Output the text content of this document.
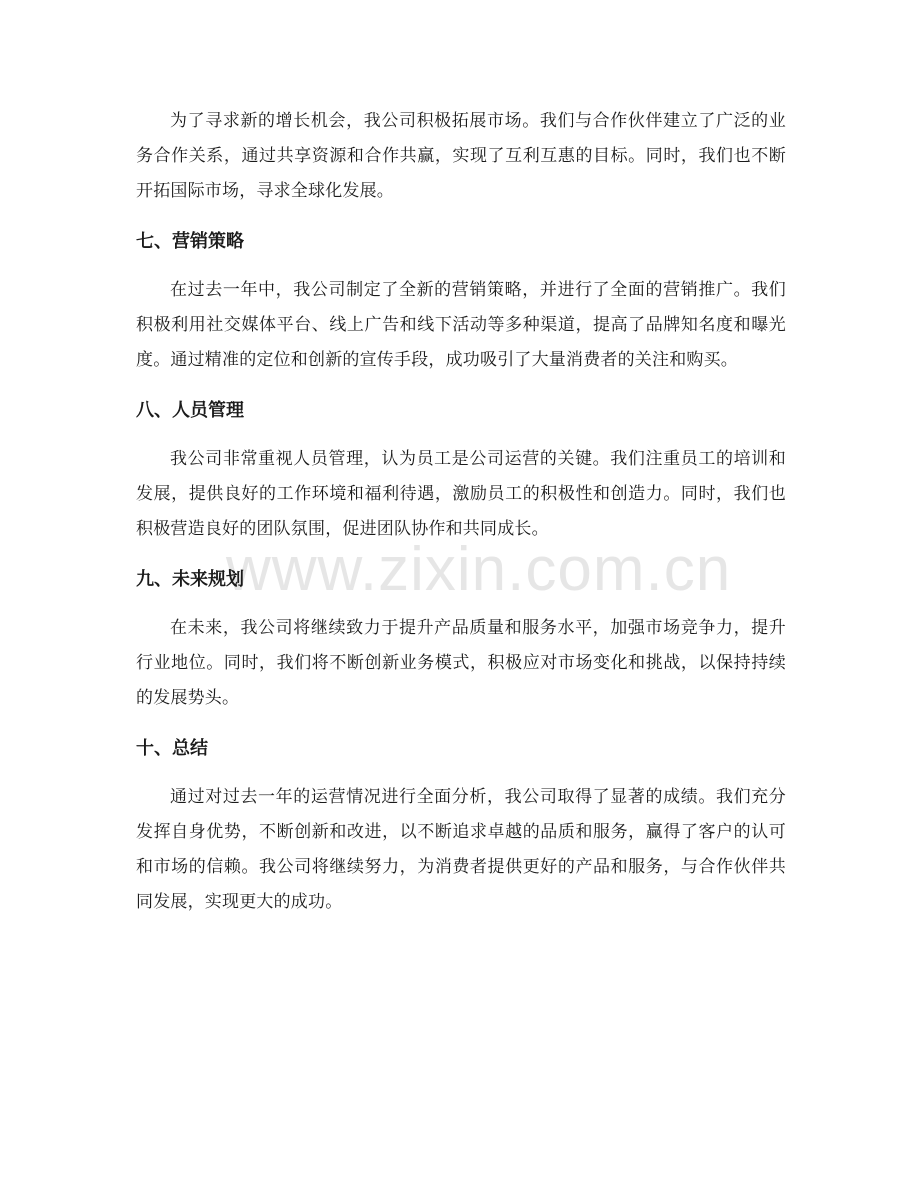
www.zixin.com.cn

为了寻求新的增长机会，我公司积极拓展市场。我们与合作伙伴建立了广泛的业务合作关系，通过共享资源和合作共赢，实现了互利互惠的目标。同时，我们也不断开拓国际市场，寻求全球化发展。

七、营销策略

在过去一年中，我公司制定了全新的营销策略，并进行了全面的营销推广。我们积极利用社交媒体平台、线上广告和线下活动等多种渠道，提高了品牌知名度和曝光度。通过精准的定位和创新的宣传手段，成功吸引了大量消费者的关注和购买。

八、人员管理

我公司非常重视人员管理，认为员工是公司运营的关键。我们注重员工的培训和发展，提供良好的工作环境和福利待遇，激励员工的积极性和创造力。同时，我们也积极营造良好的团队氛围，促进团队协作和共同成长。

九、未来规划

在未来，我公司将继续致力于提升产品质量和服务水平，加强市场竞争力，提升行业地位。同时，我们将不断创新业务模式，积极应对市场变化和挑战，以保持持续的发展势头。

十、总结

通过对过去一年的运营情况进行全面分析，我公司取得了显著的成绩。我们充分发挥自身优势，不断创新和改进，以不断追求卓越的品质和服务，赢得了客户的认可和市场的信赖。我公司将继续努力，为消费者提供更好的产品和服务，与合作伙伴共同发展，实现更大的成功。
